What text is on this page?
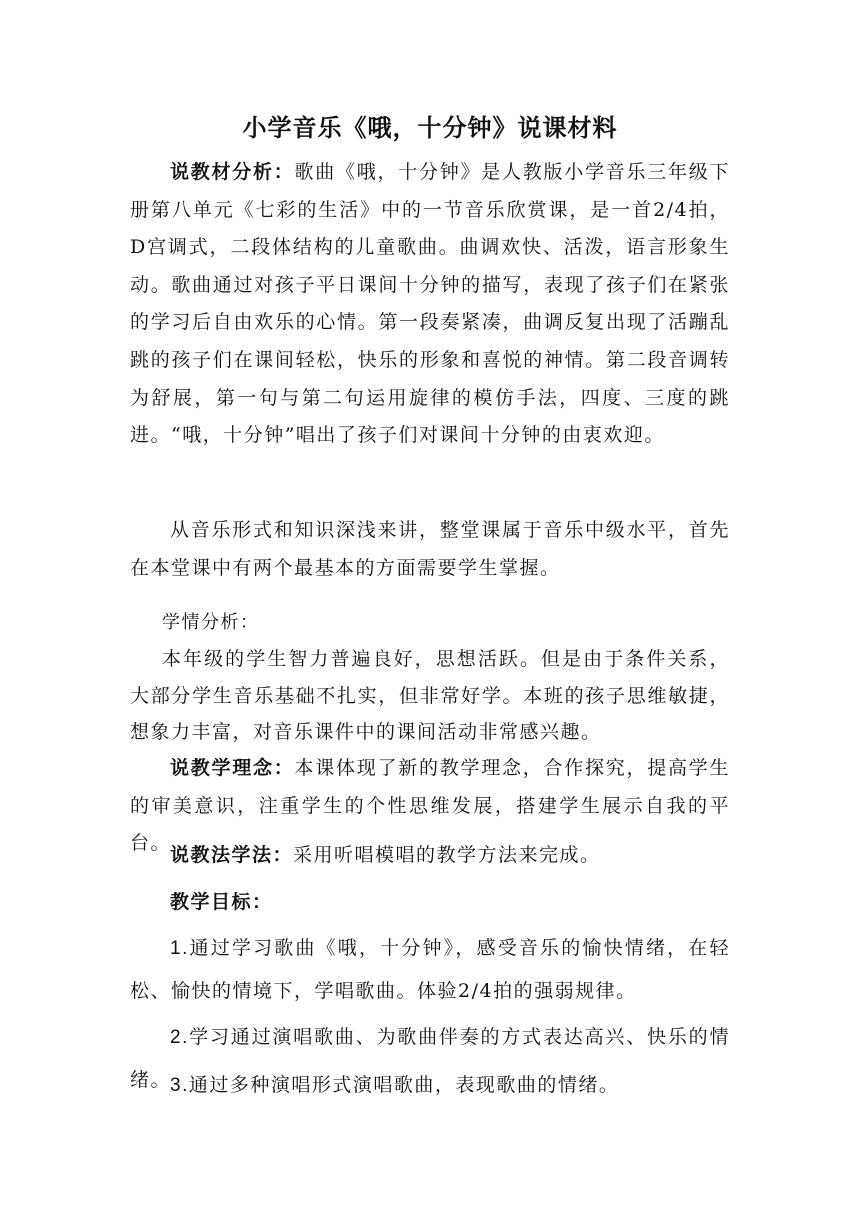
小学音乐《哦，十分钟》说课材料
说教材分析：歌曲《哦，十分钟》是人教版小学音乐三年级下册第八单元《七彩的生活》中的一节音乐欣赏课，是一首2/4拍，D宫调式，二段体结构的儿童歌曲。曲调欢快、活泼，语言形象生动。歌曲通过对孩子平日课间十分钟的描写，表现了孩子们在紧张的学习后自由欢乐的心情。第一段奏紧凑，曲调反复出现了活蹦乱跳的孩子们在课间轻松，快乐的形象和喜悦的神情。第二段音调转为舒展，第一句与第二句运用旋律的模仿手法，四度、三度的跳进。“哦，十分钟”唱出了孩子们对课间十分钟的由衷欢迎。
从音乐形式和知识深浅来讲，整堂课属于音乐中级水平，首先在本堂课中有两个最基本的方面需要学生掌握。
学情分析：
本年级的学生智力普遍良好，思想活跃。但是由于条件关系，大部分学生音乐基础不扎实，但非常好学。本班的孩子思维敏捷，想象力丰富，对音乐课件中的课间活动非常感兴趣。
说教学理念：本课体现了新的教学理念，合作探究，提高学生的审美意识，注重学生的个性思维发展，搭建学生展示自我的平台。
说教法学法：采用听唱模唱的教学方法来完成。
教学目标：
1.通过学习歌曲《哦，十分钟》，感受音乐的愉快情绪，在轻松、愉快的情境下，学唱歌曲。体验2/4拍的强弱规律。
2.学习通过演唱歌曲、为歌曲伴奏的方式表达高兴、快乐的情绪。
3.通过多种演唱形式演唱歌曲，表现歌曲的情绪。
